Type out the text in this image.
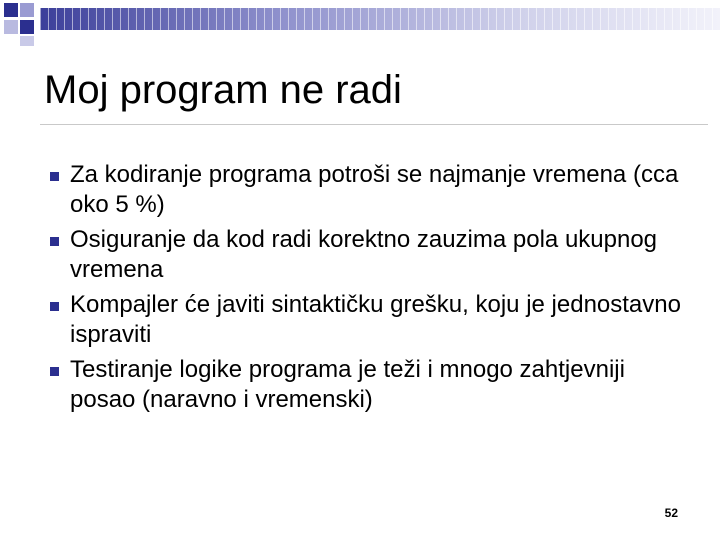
Moj program ne radi
Za kodiranje programa potroši se najmanje vremena (cca oko 5 %)
Osiguranje da kod radi korektno zauzima pola ukupnog vremena
Kompajler će javiti sintaktičku grešku, koju je jednostavno ispraviti
Testiranje logike programa je teži i mnogo zahtjevniji posao (naravno i vremenski)
52
